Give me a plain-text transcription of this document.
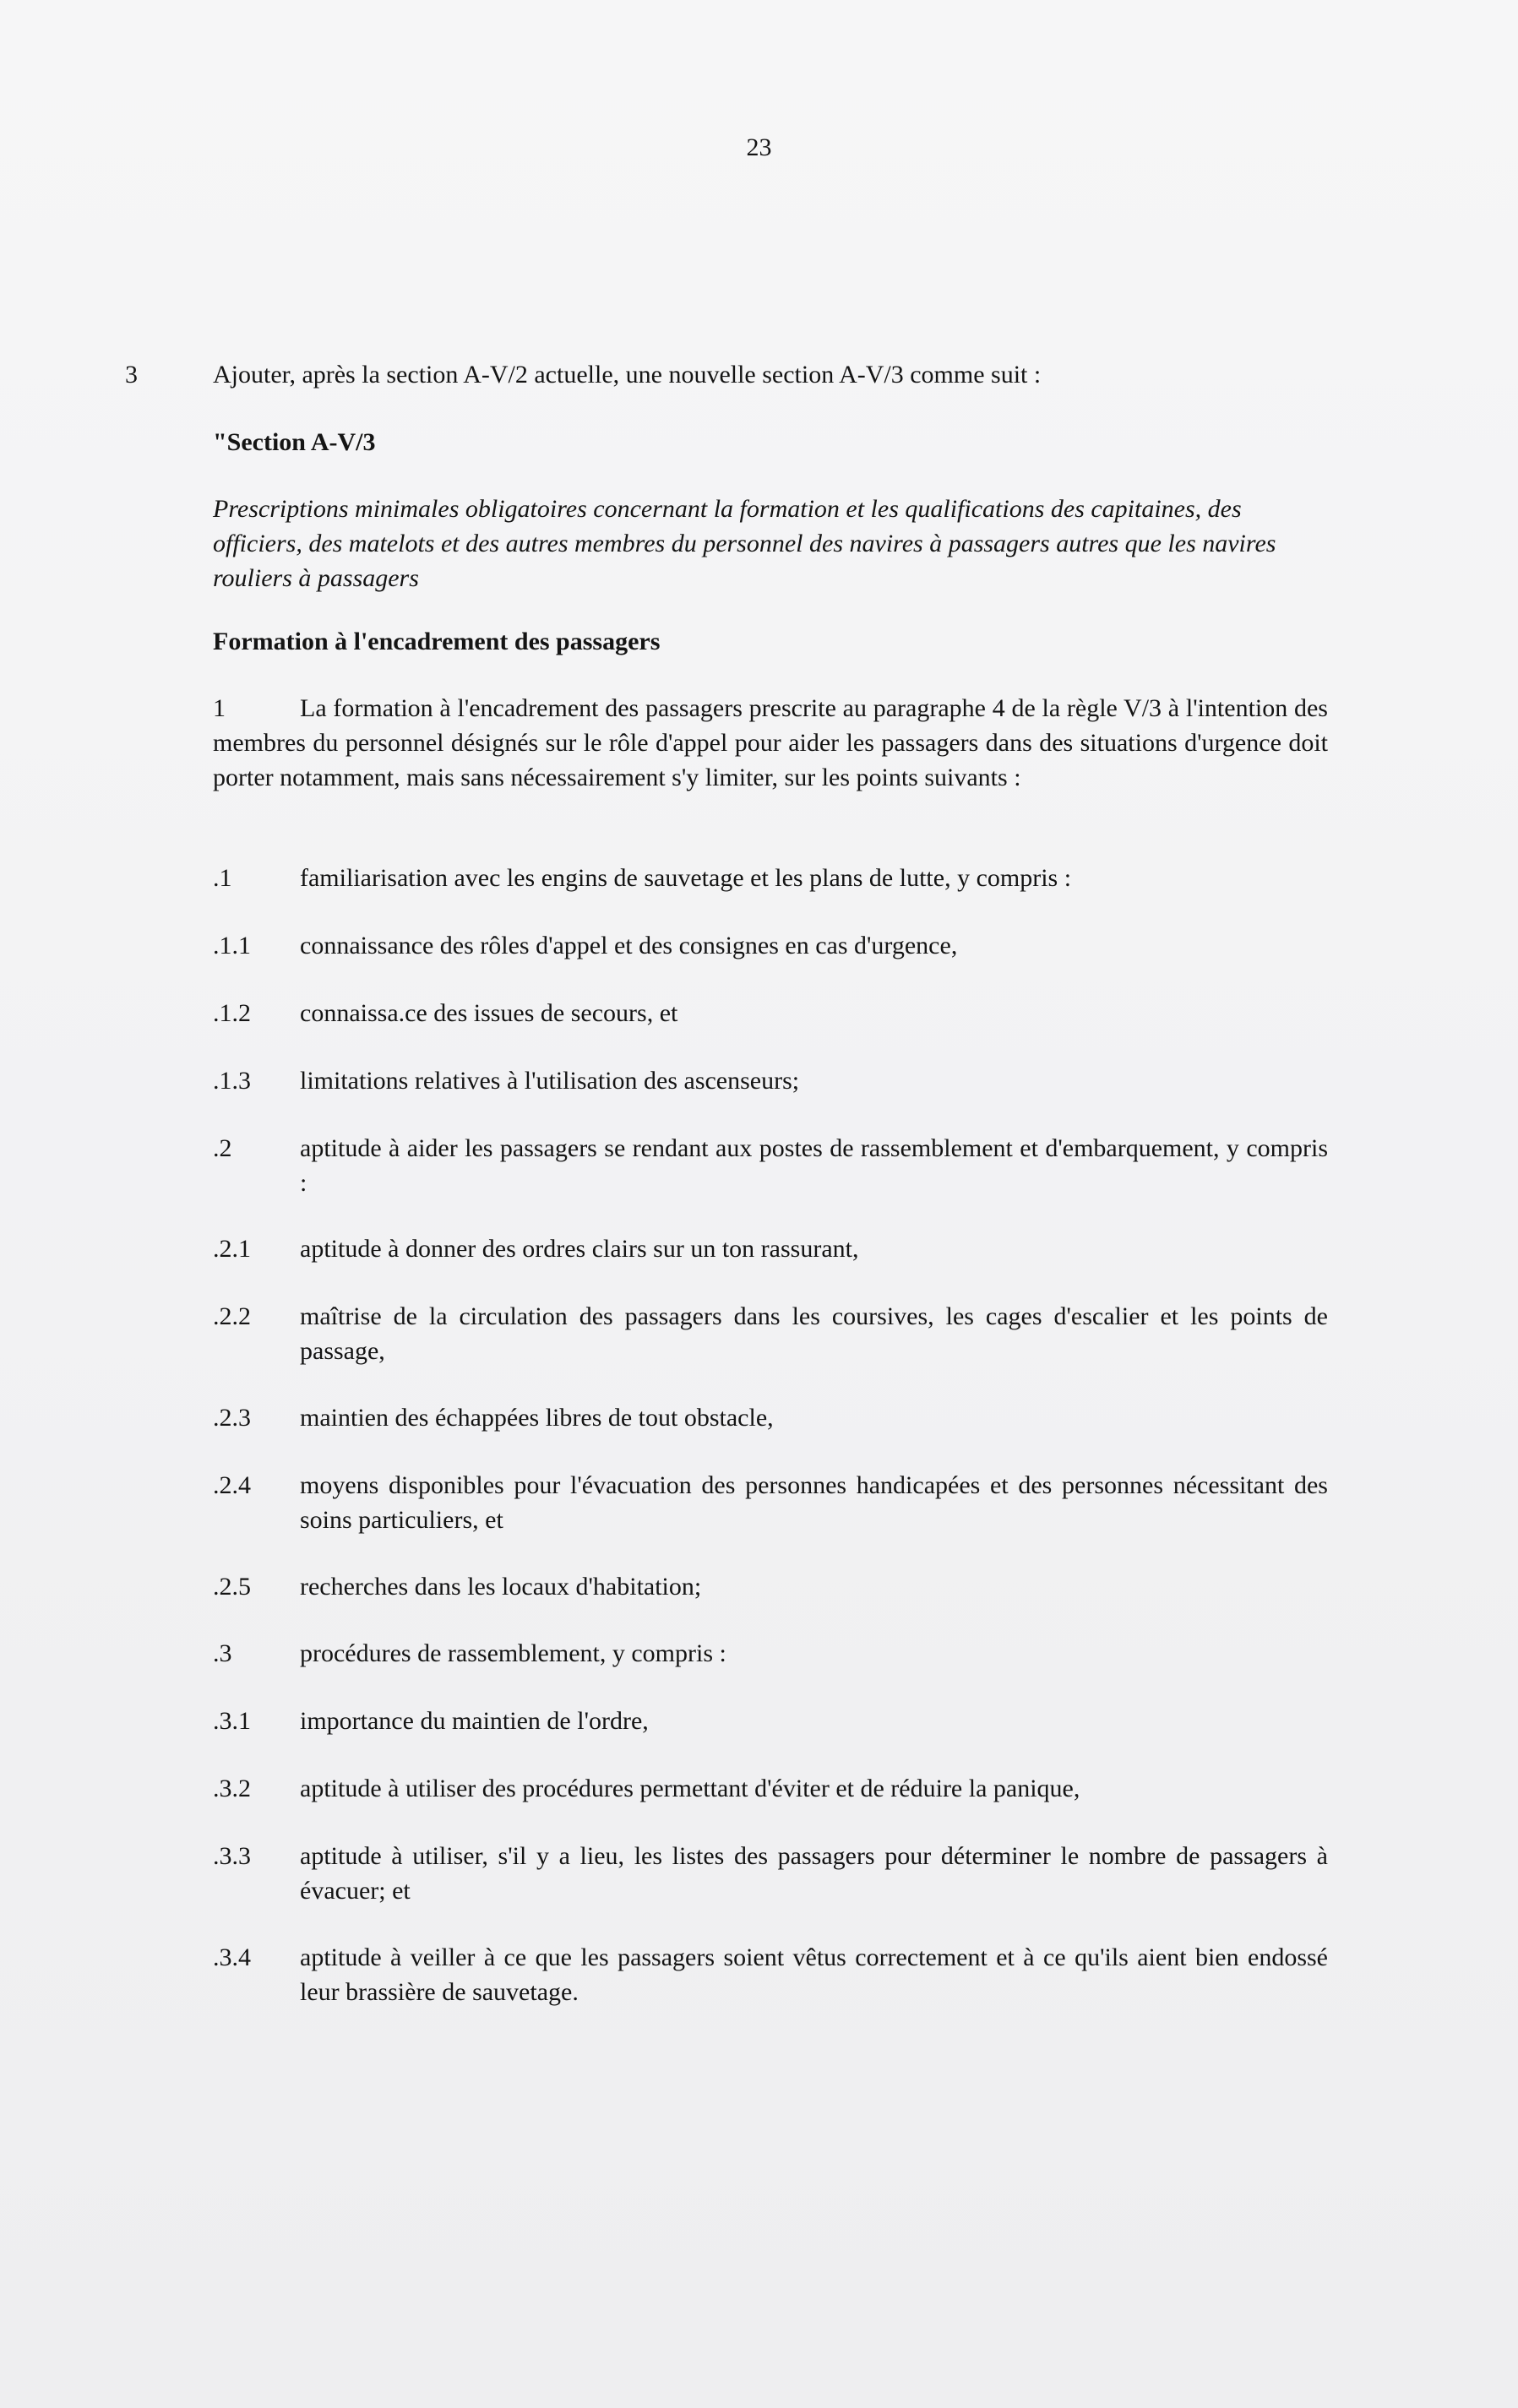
23
3	Ajouter, après la section A-V/2 actuelle, une nouvelle section A-V/3 comme suit :
"Section A-V/3
Prescriptions minimales obligatoires concernant la formation et les qualifications des capitaines, des officiers, des matelots et des autres membres du personnel des navires à passagers autres que les navires rouliers à passagers
Formation à l'encadrement des passagers
1	La formation à l'encadrement des passagers prescrite au paragraphe 4 de la règle V/3 à l'intention des membres du personnel désignés sur le rôle d'appel pour aider les passagers dans des situations d'urgence doit porter notamment, mais sans nécessairement s'y limiter, sur les points suivants :
.1	familiarisation avec les engins de sauvetage et les plans de lutte, y compris :
.1.1 connaissance des rôles d'appel et des consignes en cas d'urgence,
.1.2 connaissa.ce des issues de secours, et
.1.3 limitations relatives à l'utilisation des ascenseurs;
.2	aptitude à aider les passagers se rendant aux postes de rassemblement et d'embarquement, y compris :
.2.1 aptitude à donner des ordres clairs sur un ton rassurant,
.2.2 maîtrise de la circulation des passagers dans les coursives, les cages d'escalier et les points de passage,
.2.3 maintien des échappées libres de tout obstacle,
.2.4 moyens disponibles pour l'évacuation des personnes handicapées et des personnes nécessitant des soins particuliers, et
.2.5 recherches dans les locaux d'habitation;
.3	procédures de rassemblement, y compris :
.3.1 importance du maintien de l'ordre,
.3.2 aptitude à utiliser des procédures permettant d'éviter et de réduire la panique,
.3.3 aptitude à utiliser, s'il y a lieu, les listes des passagers pour déterminer le nombre de passagers à évacuer; et
.3.4 aptitude à veiller à ce que les passagers soient vêtus correctement et à ce qu'ils aient bien endossé leur brassière de sauvetage.
